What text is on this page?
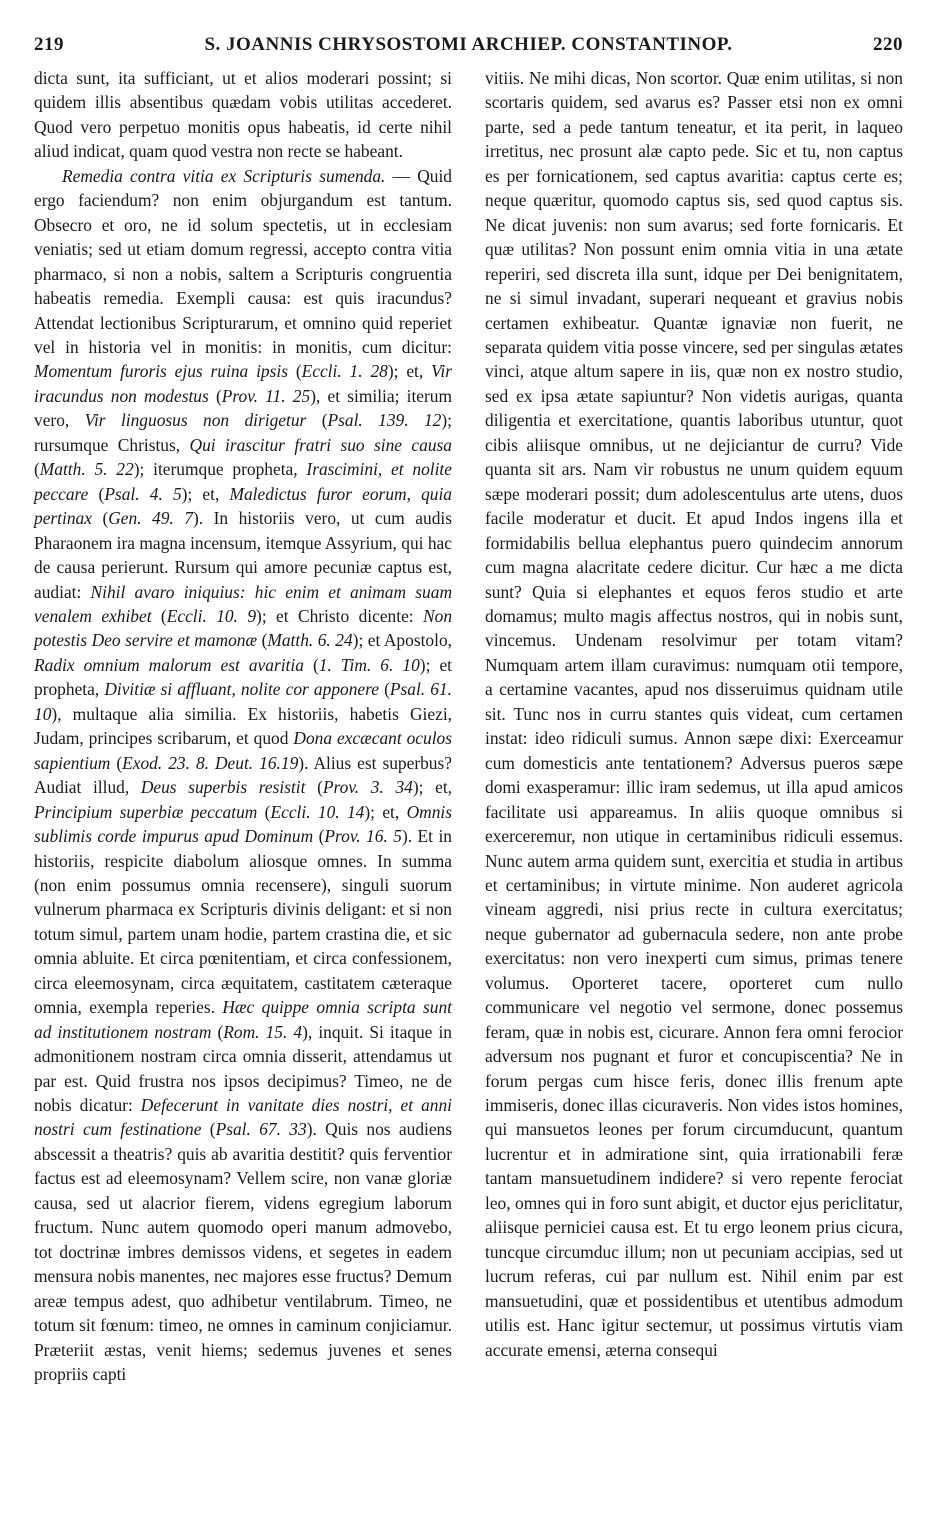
219	S. JOANNIS CHRYSOSTOMI ARCHIEP. CONSTANTINOP.	220

dicta sunt, ita sufficiant, ut et alios moderari possint; si quidem illis absentibus quædam vobis utilitas accederet. Quod vero perpetuo monitis opus habeatis, id certe nihil aliud indicat, quam quod vestra non recte se habeant.

Remedia contra vitia ex Scripturis sumenda. — Quid ergo faciendum? non enim objurgandum est tantum. Obsecro et oro, ne id solum spectetis, ut in ecclesiam veniatis; sed ut etiam domum regressi, accepto contra vitia pharmaco, si non a nobis, saltem a Scripturis congruentia habeatis remedia. Exempli causa: est quis iracundus? Attendat lectionibus Scripturarum, et omnino quid reperiet vel in historia vel in monitis: in monitis, cum dicitur: Momentum furoris ejus ruina ipsis (Eccli. 1. 28); et, Vir iracundus non modestus (Prov. 11. 25), et similia; iterum vero, Vir linguosus non dirigetur (Psal. 139. 12); rursumque Christus, Qui irascitur fratri suo sine causa (Matth. 5. 22); iterumque propheta, Irascimini, et nolite peccare (Psal. 4. 5); et, Maledictus furor eorum, quia pertinax (Gen. 49. 7). In historiis vero, ut cum audis Pharaonem ira magna incensum, itemque Assyrium, qui hac de causa perierunt. Rursum qui amore pecuniæ captus est, audiat: Nihil avaro iniquius: hic enim et animam suam venalem exhibet (Eccli. 10. 9); et Christo dicente: Non potestis Deo servire et mamonæ (Matth. 6. 24); et Apostolo, Radix omnium malorum est avaritia (1. Tim. 6. 10); et propheta, Divitiæ si affluant, nolite cor apponere (Psal. 61. 10), multaque alia similia. Ex historiis, habetis Giezi, Judam, principes scribarum, et quod Dona excæcant oculos sapientium (Exod. 23. 8. Deut. 16.19). Alius est superbus? Audiat illud, Deus superbis resistit (Prov. 3. 34); et, Principium superbiæ peccatum (Eccli. 10. 14); et, Omnis sublimis corde impurus apud Dominum (Prov. 16. 5). Et in historiis, respicite diabolum aliosque omnes. In summa (non enim possumus omnia recensere), singuli suorum vulnerum pharmaca ex Scripturis divinis deligant: et si non totum simul, partem unam hodie, partem crastina die, et sic omnia abluite. Et circa pœnitentiam, et circa confessionem, circa eleemosynam, circa æquitatem, castitatem cæteraque omnia, exempla reperies. Hæc quippe omnia scripta sunt ad institutionem nostram (Rom. 15. 4), inquit. Si itaque in admonitionem nostram circa omnia disserit, attendamus ut par est. Quid frustra nos ipsos decipimus? Timeo, ne de nobis dicatur: Defecerunt in vanitate dies nostri, et anni nostri cum festinatione (Psal. 67. 33). Quis nos audiens abscessit a theatris? quis ab avaritia destitit? quis ferventior factus est ad eleemosynam? Vellem scire, non vanæ gloriæ causa, sed ut alacrior fierem, videns egregium laborum fructum. Nunc autem quomodo operi manum admovebo, tot doctrinæ imbres demissos videns, et segetes in eadem mensura nobis manentes, nec majores esse fructus? Demum areæ tempus adest, quo adhibetur ventilabrum. Timeo, ne totum sit fœnum: timeo, ne omnes in caminum conjiciamur. Præteriit æstas, venit hiems; sedemus juvenes et senes propriis capti

vitiis. Ne mihi dicas, Non scortor. Quæ enim utilitas, si non scortaris quidem, sed avarus es? Passer etsi non ex omni parte, sed a pede tantum teneatur, et ita perit, in laqueo irretitus, nec prosunt alæ capto pede. Sic et tu, non captus es per fornicationem, sed captus avaritia: captus certe es; neque quæritur, quomodo captus sis, sed quod captus sis. Ne dicat juvenis: non sum avarus; sed forte fornicaris. Et quæ utilitas? Non possunt enim omnia vitia in una ætate reperiri, sed discreta illa sunt, idque per Dei benignitatem, ne si simul invadant, superari nequeant et gravius nobis certamen exhibeatur. Quantæ ignaviæ non fuerit, ne separata quidem vitia posse vincere, sed per singulas ætates vinci, atque altum sapere in iis, quæ non ex nostro studio, sed ex ipsa ætate sapiuntur? Non videtis aurigas, quanta diligentia et exercitatione, quantis laboribus utuntur, quot cibis aliisque omnibus, ut ne dejiciantur de curru? Vide quanta sit ars. Nam vir robustus ne unum quidem equum sæpe moderari possit; dum adolescentulus arte utens, duos facile moderatur et ducit. Et apud Indos ingens illa et formidabilis bellua elephantus puero quindecim annorum cum magna alacritate cedere dicitur. Cur hæc a me dicta sunt? Quia si elephantes et equos feros studio et arte domamus; multo magis affectus nostros, qui in nobis sunt, vincemus. Undenam resolvimur per totam vitam? Numquam artem illam curavimus: numquam otii tempore, a certamine vacantes, apud nos disseruimus quidnam utile sit. Tunc nos in curru stantes quis videat, cum certamen instat: ideo ridiculi sumus. Annon sæpe dixi: Exerceamur cum domesticis ante tentationem? Adversus pueros sæpe domi exasperamur: illic iram sedemus, ut illa apud amicos facilitate usi appareamus. In aliis quoque omnibus si exerceremur, non utique in certaminibus ridiculi essemus. Nunc autem arma quidem sunt, exercitia et studia in artibus et certaminibus; in virtute minime. Non auderet agricola vineam aggredi, nisi prius recte in cultura exercitatus; neque gubernator ad gubernacula sedere, non ante probe exercitatus: non vero inexperti cum simus, primas tenere volumus. Oporteret tacere, oporteret cum nullo communicare vel negotio vel sermone, donec possemus feram, quæ in nobis est, cicurare. Annon fera omni ferocior adversum nos pugnant et furor et concupiscentia? Ne in forum pergas cum hisce feris, donec illis frenum apte immiseris, donec illas cicuraveris. Non vides istos homines, qui mansuetos leones per forum circumducunt, quantum lucrentur et in admiratione sint, quia irrationabili feræ tantam mansuetudinem indidere? si vero repente ferociat leo, omnes qui in foro sunt abigit, et ductor ejus periclitatur, aliisque perniciei causa est. Et tu ergo leonem prius cicura, tuncque circumduc illum; non ut pecuniam accipias, sed ut lucrum referas, cui par nullum est. Nihil enim par est mansuetudini, quæ et possidentibus et utentibus admodum utilis est. Hanc igitur sectemur, ut possimus virtutis viam accurate emensi, æterna consequi
